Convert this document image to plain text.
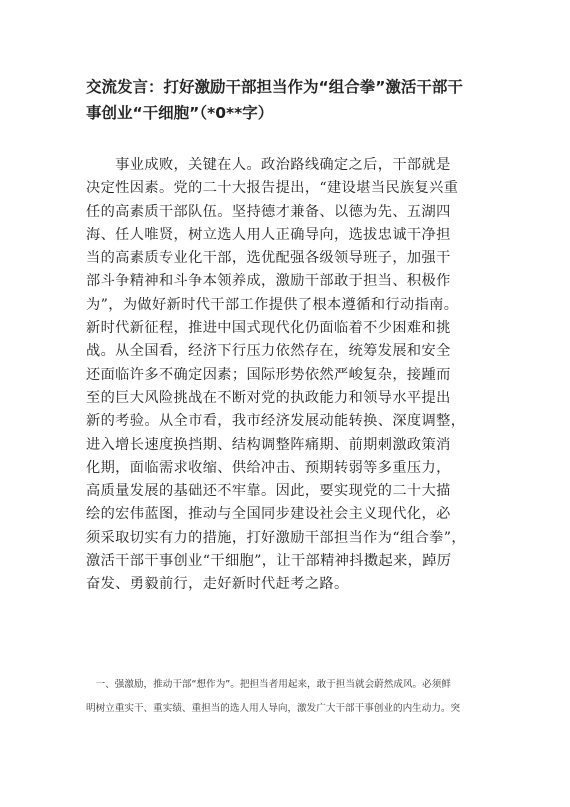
交流发言：打好激励干部担当作为“组合拳”激活干部干
事创业“干细胞”（*0**字）
　　事业成败，关键在人。政治路线确定之后，干部就是
决定性因素。党的二十大报告提出，“建设堪当民族复兴重
任的高素质干部队伍。坚持德才兼备、以德为先、五湖四
海、任人唯贤，树立选人用人正确导向，选拔忠诚干净担
当的高素质专业化干部，选优配强各级领导班子，加强干
部斗争精神和斗争本领养成，激励干部敢于担当、积极作
为”，为做好新时代干部工作提供了根本遵循和行动指南。
新时代新征程，推进中国式现代化仍面临着不少困难和挑
战。从全国看，经济下行压力依然存在，统筹发展和安全
还面临许多不确定因素；国际形势依然严峻复杂，接踵而
至的巨大风险挑战在不断对党的执政能力和领导水平提出
新的考验。从全市看，我市经济发展动能转换、深度调整，
进入增长速度换挡期、结构调整阵痛期、前期刺激政策消
化期，面临需求收缩、供给冲击、预期转弱等多重压力，
高质量发展的基础还不牢靠。因此，要实现党的二十大描
绘的宏伟蓝图，推动与全国同步建设社会主义现代化，必
须采取切实有力的措施，打好激励干部担当作为“组合拳”，
激活干部干事创业“干细胞”，让干部精神抖擞起来，踔厉
奋发、勇毅前行，走好新时代赶考之路。
　一、强激励，推动干部“想作为”。把担当者用起来，敢于担当就会蔚然成风。必须鲜
明树立重实干、重实绩、重担当的选人用人导向，激发广大干部干事创业的内生动力。突
